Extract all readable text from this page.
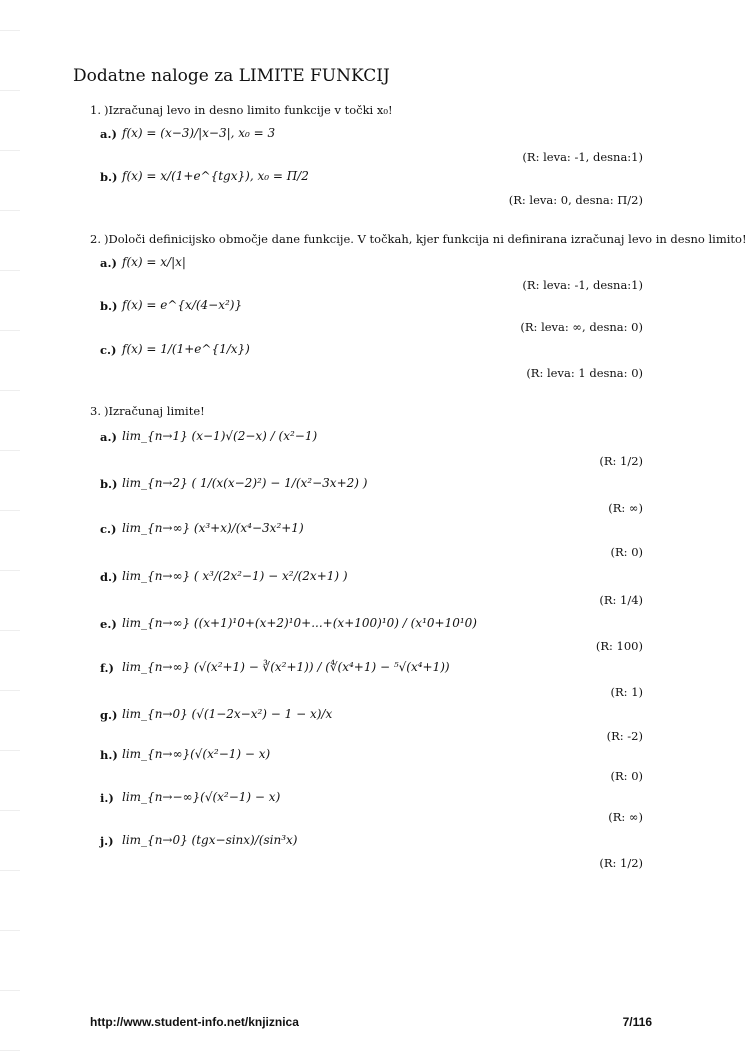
Dodatne naloge za LIMITE FUNKCIJ
1. )Izračunaj levo in desno limito funkcije v točki x₀!
a.) f(x) = (x−3)/|x−3|, x₀ = 3
(R: leva: -1, desna:1)
b.) f(x) = x/(1+e^{tgx}), x₀ = Π/2
(R: leva: 0, desna: Π/2)
2. )Določi definicijsko območje dane funkcije. V točkah, kjer funkcija ni definirana izračunaj levo in desno limito!
a.) f(x) = x/|x|
(R: leva: -1, desna:1)
b.) f(x) = e^{x/(4−x²)}
(R: leva: ∞, desna: 0)
c.) f(x) = 1/(1+e^{1/x})
(R: leva: 1 desna: 0)
3. )Izračunaj limite!
a.) lim_{n→1} (x−1)√(2−x) / (x²−1)
(R: 1/2)
b.) lim_{n→2} ( 1/(x(x−2)²) − 1/(x²−3x+2) )
(R: ∞)
c.) lim_{n→∞} (x³+x)/(x⁴−3x²+1)
(R: 0)
d.) lim_{n→∞} ( x³/(2x²−1) − x²/(2x+1) )
(R: 1/4)
e.) lim_{n→∞} ((x+1)¹0+(x+2)¹0+...+(x+100)¹0) / (x¹0+10¹0)
(R: 100)
f.) lim_{n→∞} (√(x²+1) − ∛(x²+1)) / (∜(x⁴+1) − ⁵√(x⁴+1))
(R: 1)
g.) lim_{n→0} (√(1−2x−x²) − 1 − x)/x
(R: -2)
h.) lim_{n→∞}(√(x²−1) − x)
(R: 0)
i.) lim_{n→−∞}(√(x²−1) − x)
(R: ∞)
j.) lim_{n→0} (tgx−sinx)/(sin³x)
(R: 1/2)
http://www.student-info.net/knjiznica	7/116
